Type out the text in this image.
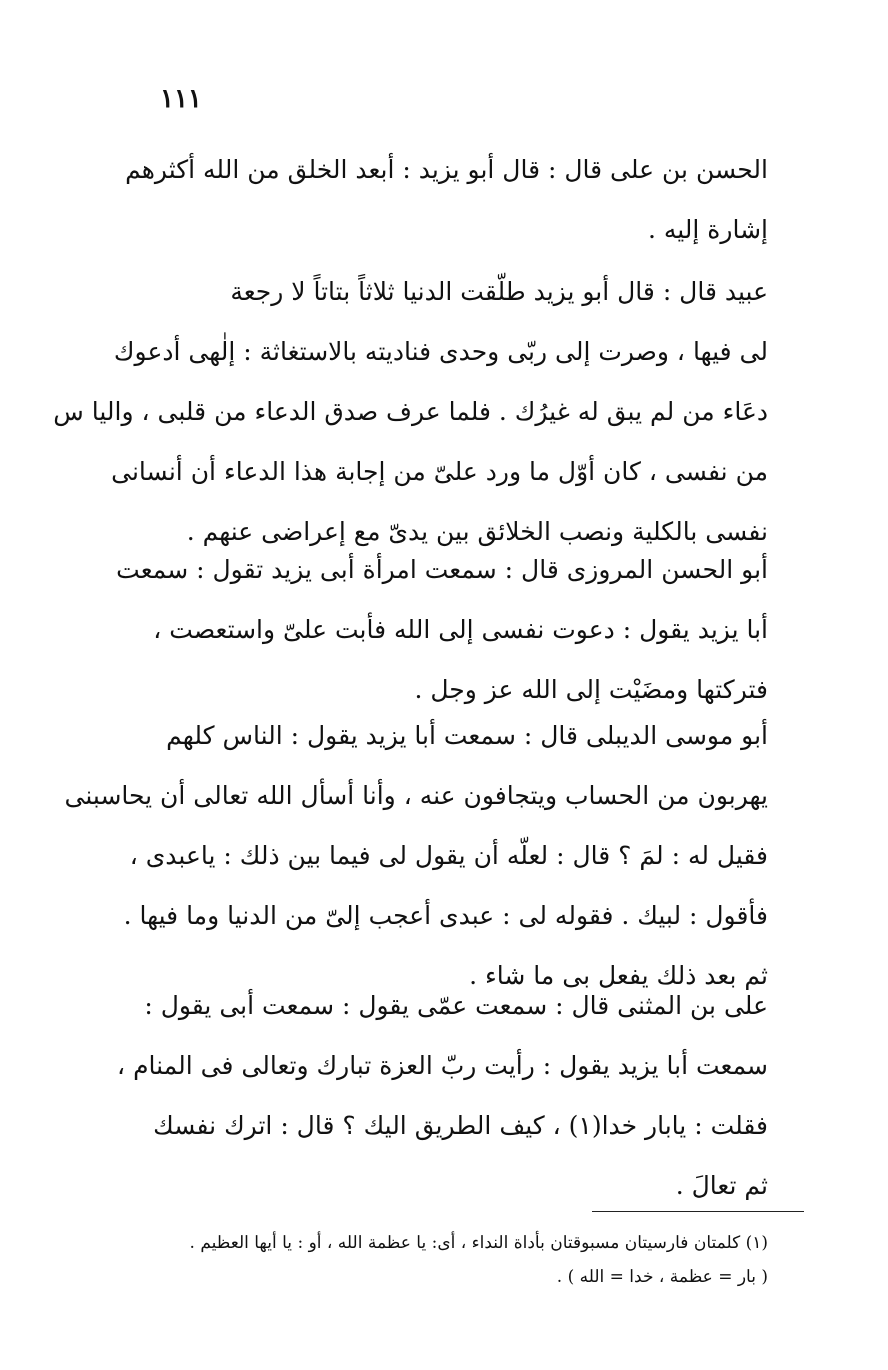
١١١
الحسن بن على قال : قال أبو يزيد : أبعد الخلق من الله أكثرهم
إشارة إليه .
عبيد قال : قال أبو يزيد طلّقت الدنيا ثلاثاً بتاتاً لا رجعة
لى فيها ، وصرت إلى ربّى وحدى فناديته بالاستغاثة : إلٰهى أدعوك
دعَاء من لم يبق له غيرُك . فلما عرف صدق الدعاء من قلبى ، واليا س
من نفسى ، كان أوّل ما ورد علىّ من إجابة هذا الدعاء أن أنسانى
نفسى بالكلية ونصب الخلائق بين يدىّ مع إعراضى عنهم .
أبو الحسن المروزى قال : سمعت امرأة أبى يزيد تقول : سمعت
أبا يزيد يقول : دعوت نفسى إلى الله فأبت علىّ واستعصت ،
فتركتها ومضَيْت إلى الله عز وجل .
أبو موسى الديبلى قال : سمعت أبا يزيد يقول : الناس كلهم
يهربون من الحساب ويتجافون عنه ، وأنا أسأل الله تعالى أن يحاسبنى
فقيل له : لمَ ؟ قال : لعلّه أن يقول لى فيما بين ذلك : ياعبدى ،
فأقول : لبيك . فقوله لى : عبدى أعجب إلىّ من الدنيا وما فيها .
ثم بعد ذلك يفعل بى ما شاء .
على بن المثنى قال : سمعت عمّى يقول : سمعت أبى يقول :
سمعت أبا يزيد يقول : رأيت ربّ العزة تبارك وتعالى فى المنام ،
فقلت : يابار خدا(١) ، كيف الطريق اليك ؟ قال : اترك نفسك
ثم تعالَ .
(١) كلمتان فارسيتان مسبوقتان بأداة النداء ، أى: يا عظمة الله ، أو : يا أيها العظيم .
( بار = عظمة ، خدا = الله ) .
